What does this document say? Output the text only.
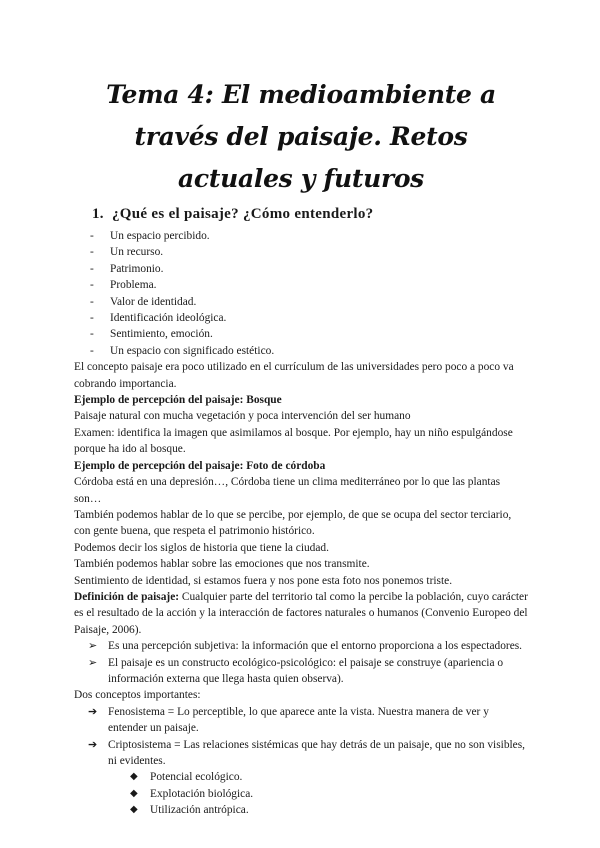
Tema 4: El medioambiente a través del paisaje. Retos actuales y futuros
1. ¿Qué es el paisaje? ¿Cómo entenderlo?
- Un espacio percibido.
- Un recurso.
- Patrimonio.
- Problema.
- Valor de identidad.
- Identificación ideológica.
- Sentimiento, emoción.
- Un espacio con significado estético.

El concepto paisaje era poco utilizado en el currículum de las universidades pero poco a poco va cobrando importancia.

Ejemplo de percepción del paisaje: Bosque

Paisaje natural con mucha vegetación y poca intervención del ser humano

Examen: identifica la imagen que asimilamos al bosque. Por ejemplo, hay un niño espulgándose porque ha ido al bosque.

Ejemplo de percepción del paisaje: Foto de córdoba

Córdoba está en una depresión…, Córdoba tiene un clima mediterráneo por lo que las plantas son…

También podemos hablar de lo que se percibe, por ejemplo, de que se ocupa del sector terciario, con gente buena, que respeta el patrimonio histórico.

Podemos decir los siglos de historia que tiene la ciudad.

También podemos hablar sobre las emociones que nos transmite.

Sentimiento de identidad, si estamos fuera y nos pone esta foto nos ponemos triste.

Definición de paisaje: Cualquier parte del territorio tal como la percibe la población, cuyo carácter es el resultado de la acción y la interacción de factores naturales o humanos (Convenio Europeo del Paisaje, 2006).

➢ Es una percepción subjetiva: la información que el entorno proporciona a los espectadores.
➢ El paisaje es un constructo ecológico-psicológico: el paisaje se construye (apariencia o información externa que llega hasta quien observa).

Dos conceptos importantes:

➔ Fenosistema = Lo perceptible, lo que aparece ante la vista. Nuestra manera de ver y entender un paisaje.
➔ Criptosistema = Las relaciones sistémicas que hay detrás de un paisaje, que no son visibles, ni evidentes.
◆ Potencial ecológico.
◆ Explotación biológica.
◆ Utilización antrópica.
